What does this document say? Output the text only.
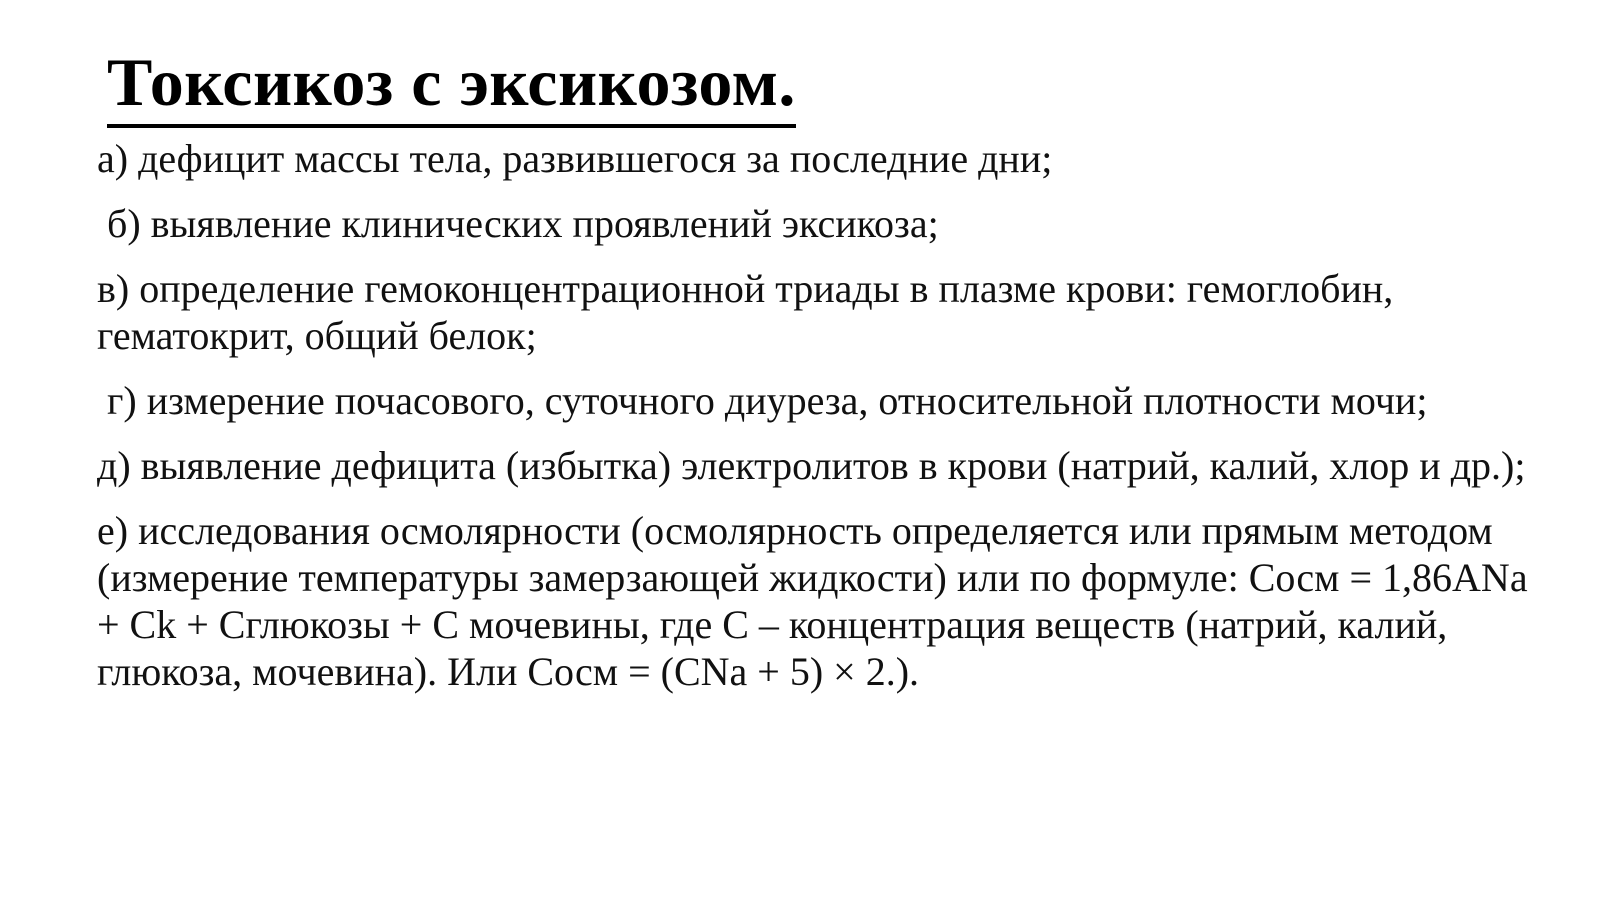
Токсикоз с эксикозом.

а) дефицит массы тела, развившегося за последние дни;

б) выявление клинических проявлений эксикоза;

в) определение гемоконцентрационной триады в плазме крови: гемоглобин, гематокрит, общий белок;

г) измерение почасового, суточного диуреза, относительной плотности мочи;

д) выявление дефицита (избытка) электролитов в крови (натрий, калий, хлор и др.);

е) исследования осмолярности (осмолярность определяется или прямым методом (измерение температуры замерзающей жидкости) или по формуле: Сосм = 1,86ANa + Ck + Cглюкозы + С мочевины, где С – концентрация веществ (натрий, калий, глюкоза, мочевина). Или Сосм = (CNa + 5) × 2.).
